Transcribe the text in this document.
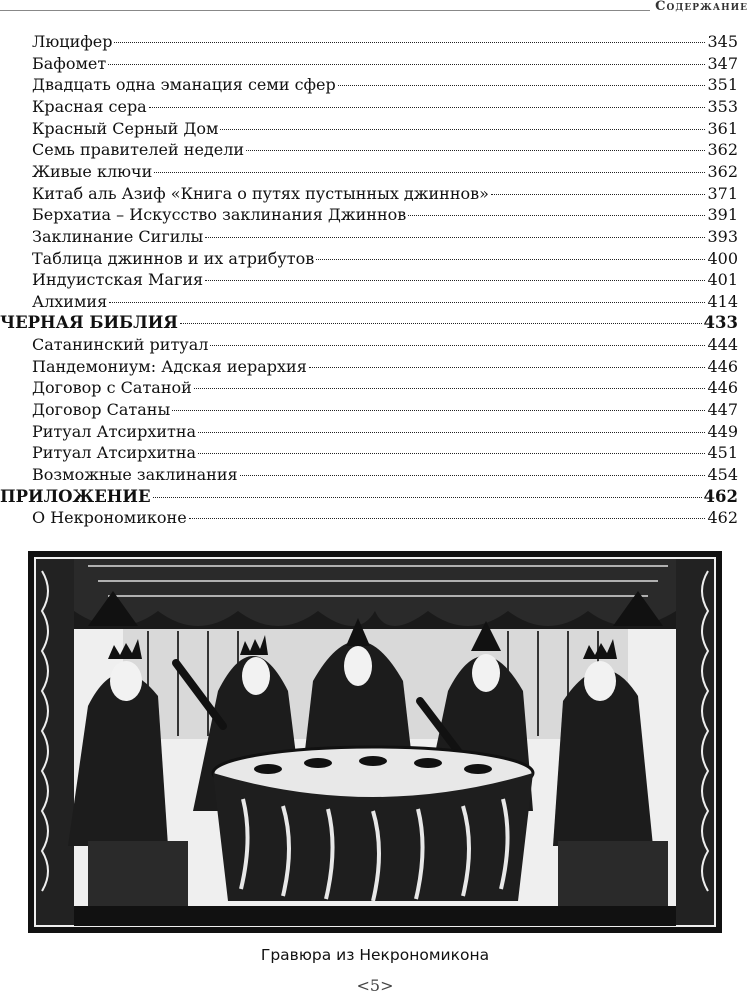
Содержание
Люцифер	345
Бафомет	347
Двадцать одна эманация семи сфер	351
Красная сера	353
Красный Серный Дом	361
Семь правителей недели	362
Живые ключи	362
Китаб аль Азиф «Книга о путях пустынных джиннов»	371
Берхатиа – Искусство заклинания Джиннов	391
Заклинание Сигилы	393
Таблица джиннов и их атрибутов	400
Индуистская Магия	401
Алхимия	414
ЧЕРНАЯ БИБЛИЯ	433
Сатанинский ритуал	444
Пандемониум: Адская иерархия	446
Договор с Сатаной	446
Договор Сатаны	447
Ритуал Атсирхитна	449
Ритуал Атсирхитна	451
Возможные заклинания	454
ПРИЛОЖЕНИЕ	462
О Некрономиконе	462
Гравюра из Некрономикона
<5>
